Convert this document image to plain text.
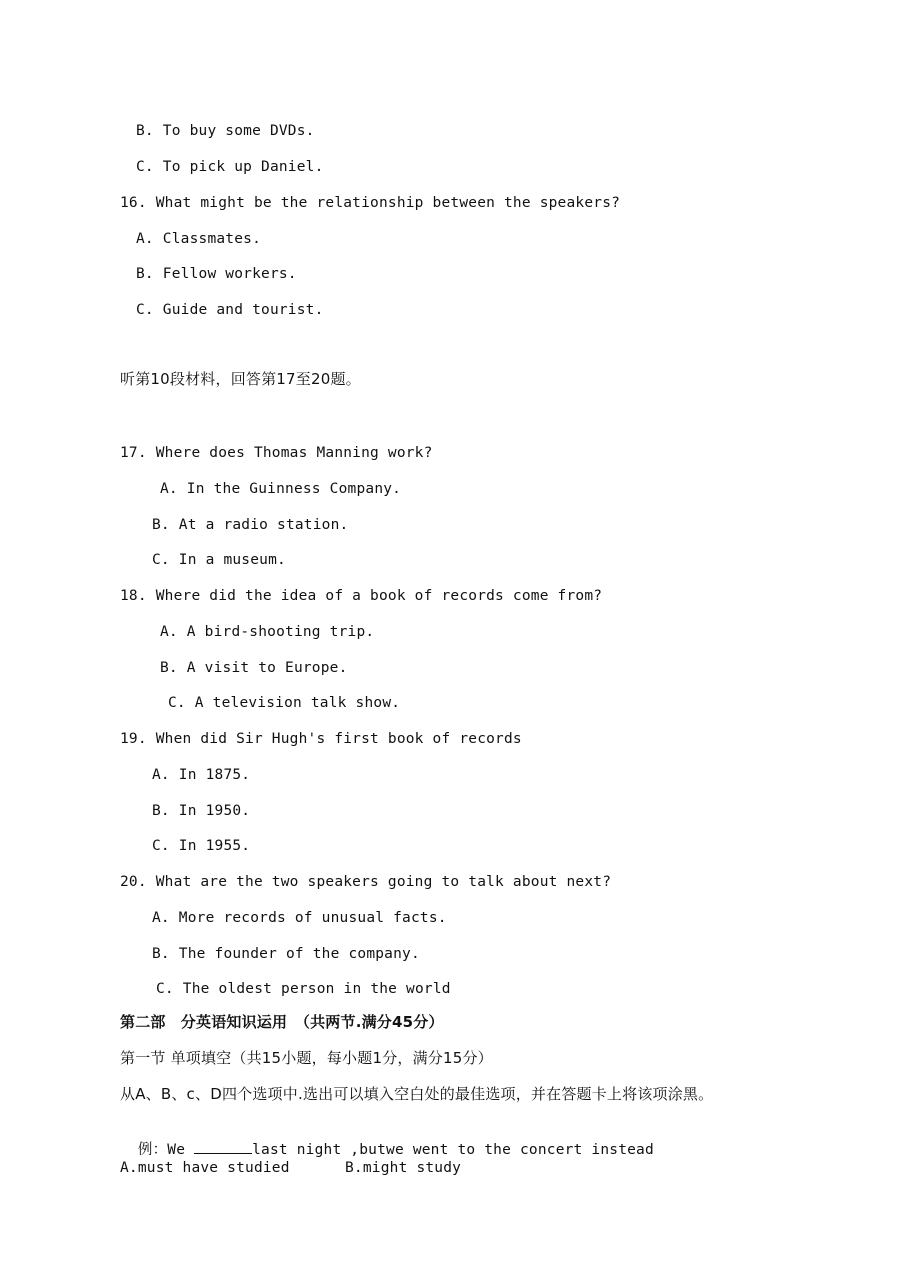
B. To buy some DVDs.
C. To pick up Daniel.
16. What might be the relationship between the speakers?
A. Classmates.
B. Fellow workers.
C. Guide and tourist.
听第10段材料，回答第17至20题。
17. Where does Thomas Manning work?
A. In the Guinness Company.
B. At a radio station.
C. In a museum.
18. Where did the idea of a book of records come from?
A. A bird-shooting trip.
B. A visit to Europe.
C. A television talk show.
19. When did Sir Hugh's first book of records
A. In 1875.
B. In 1950.
C. In 1955.
20. What are the two speakers going to talk about next?
A. More records of unusual facts.
B. The founder of the company.
C. The oldest person in the world
第二部　分英语知识运用　（共两节.满分45分）
第一节 单项填空（共15小题，每小题1分，满分15分）
从A、B、c、D四个选项中.选出可以填入空白处的最佳选项，并在答题卡上将该项涂黑。

例：We	last night ,butwe went to the concert instead

A.must have studied	B.might study
